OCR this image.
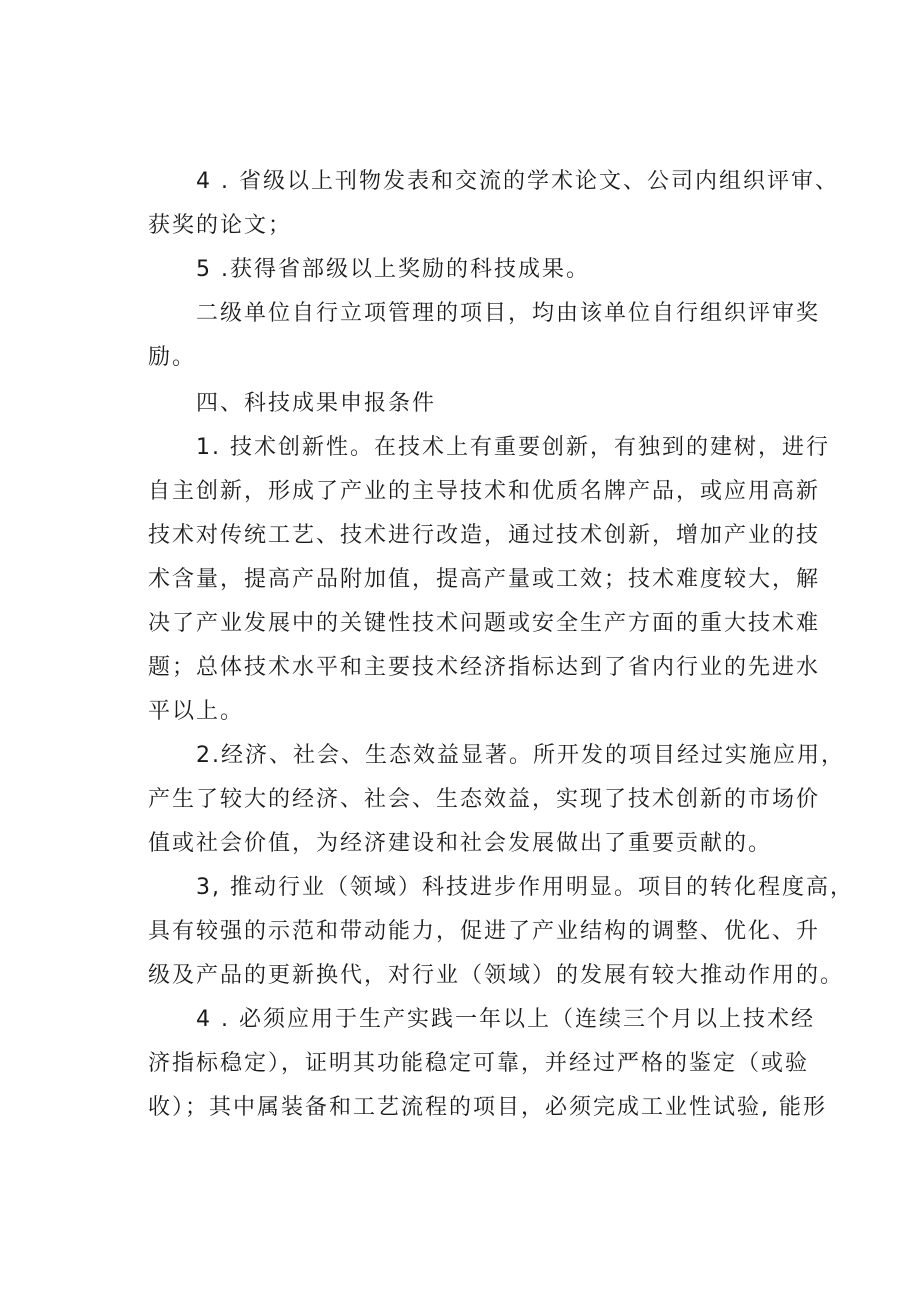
4 . 省级以上刊物发表和交流的学术论文、公司内组织评审、
获奖的论文；
5 .获得省部级以上奖励的科技成果。
二级单位自行立项管理的项目，均由该单位自行组织评审奖
励。
四、科技成果申报条件
1. 技术创新性。在技术上有重要创新，有独到的建树，进行
自主创新，形成了产业的主导技术和优质名牌产品，或应用高新
技术对传统工艺、技术进行改造，通过技术创新，增加产业的技
术含量，提高产品附加值，提高产量或工效；技术难度较大，解
决了产业发展中的关键性技术问题或安全生产方面的重大技术难
题；总体技术水平和主要技术经济指标达到了省内行业的先进水
平以上。
2.经济、社会、生态效益显著。所开发的项目经过实施应用，
产生了较大的经济、社会、生态效益，实现了技术创新的市场价
值或社会价值，为经济建设和社会发展做出了重要贡献的。
3, 推动行业（领域）科技进步作用明显。项目的转化程度高，
具有较强的示范和带动能力，促进了产业结构的调整、优化、升
级及产品的更新换代，对行业（领域）的发展有较大推动作用的。
4 . 必须应用于生产实践一年以上（连续三个月以上技术经
济指标稳定），证明其功能稳定可靠，并经过严格的鉴定（或验
收）；其中属装备和工艺流程的项目，必须完成工业性试验, 能形
